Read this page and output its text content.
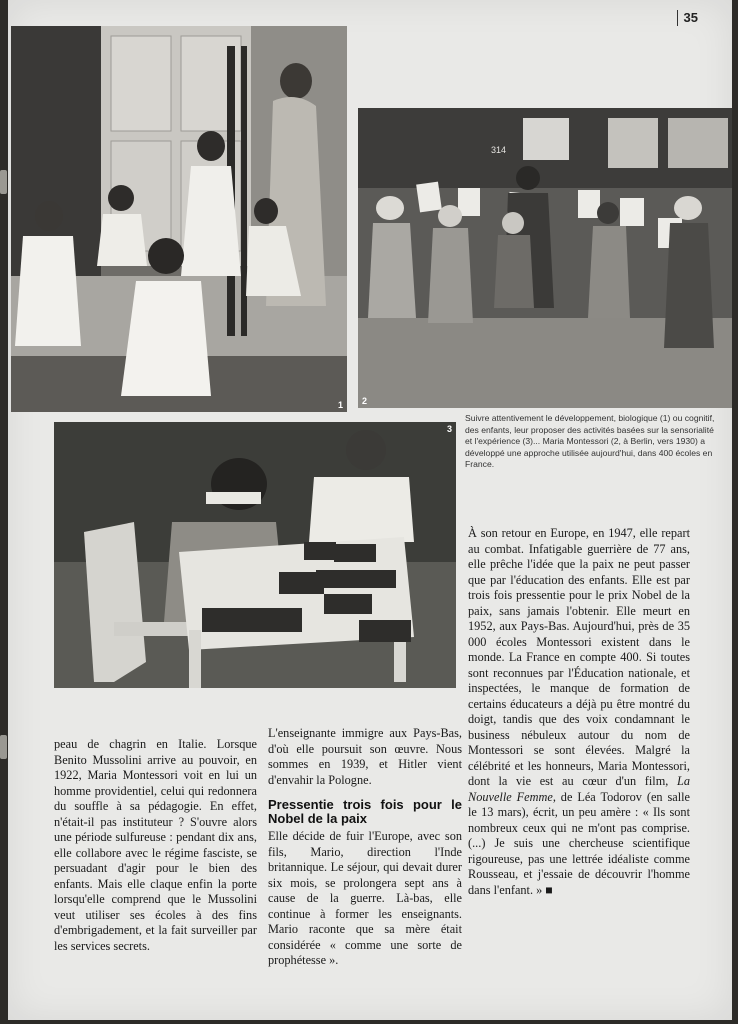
35
1
314
2
Suivre attentivement le développement, biologique (1) ou cognitif, des enfants, leur proposer des activités basées sur la sensorialité et l'expérience (3)... Maria Montessori (2, à Berlin, vers 1930) a développé une approche utilisée aujourd'hui, dans 400 écoles en France.
3

À son retour en Europe, en 1947, elle repart au combat. Infatigable guerrière de 77 ans, elle prêche l'idée que la paix ne peut passer que par l'éducation des enfants. Elle est par trois fois pressentie pour le prix Nobel de la paix, sans jamais l'obtenir. Elle meurt en 1952, aux Pays-Bas. Aujourd'hui, près de 35 000 écoles Montessori existent dans le monde. La France en compte 400. Si toutes sont reconnues par l'Éducation nationale, et inspectées, le manque de formation de certains éducateurs a déjà pu être montré du doigt, tandis que des voix condamnant le business nébuleux autour du nom de Montessori se sont élevées. Malgré la célébrité et les honneurs, Maria Montessori, dont la vie est au cœur d'un film, La Nouvelle Femme, de Léa Todorov (en salle le 13 mars), écrit, un peu amère : « Ils sont nombreux ceux qui ne m'ont pas comprise. (...) Je suis une chercheuse scientifique rigoureuse, pas une lettrée idéaliste comme Rousseau, et j'essaie de découvrir l'homme dans l'enfant. » ■

peau de chagrin en Italie. Lorsque Benito Mussolini arrive au pouvoir, en 1922, Maria Montessori voit en lui un homme providentiel, celui qui redonnera du souffle à sa pédagogie. En effet, n'était-il pas instituteur ? S'ouvre alors une période sulfureuse : pendant dix ans, elle collabore avec le régime fasciste, se persuadant d'agir pour le bien des enfants. Mais elle claque enfin la porte lorsqu'elle comprend que le Mussolini veut utiliser ses écoles à des fins d'embrigadement, et la fait surveiller par les services secrets.

L'enseignante immigre aux Pays-Bas, d'où elle poursuit son œuvre. Nous sommes en 1939, et Hitler vient d'envahir la Pologne.

Pressentie trois fois pour le Nobel de la paix

Elle décide de fuir l'Europe, avec son fils, Mario, direction l'Inde britannique. Le séjour, qui devait durer six mois, se prolongera sept ans à cause de la guerre. Là-bas, elle continue à former les enseignants. Mario raconte que sa mère était considérée « comme une sorte de prophétesse ».
